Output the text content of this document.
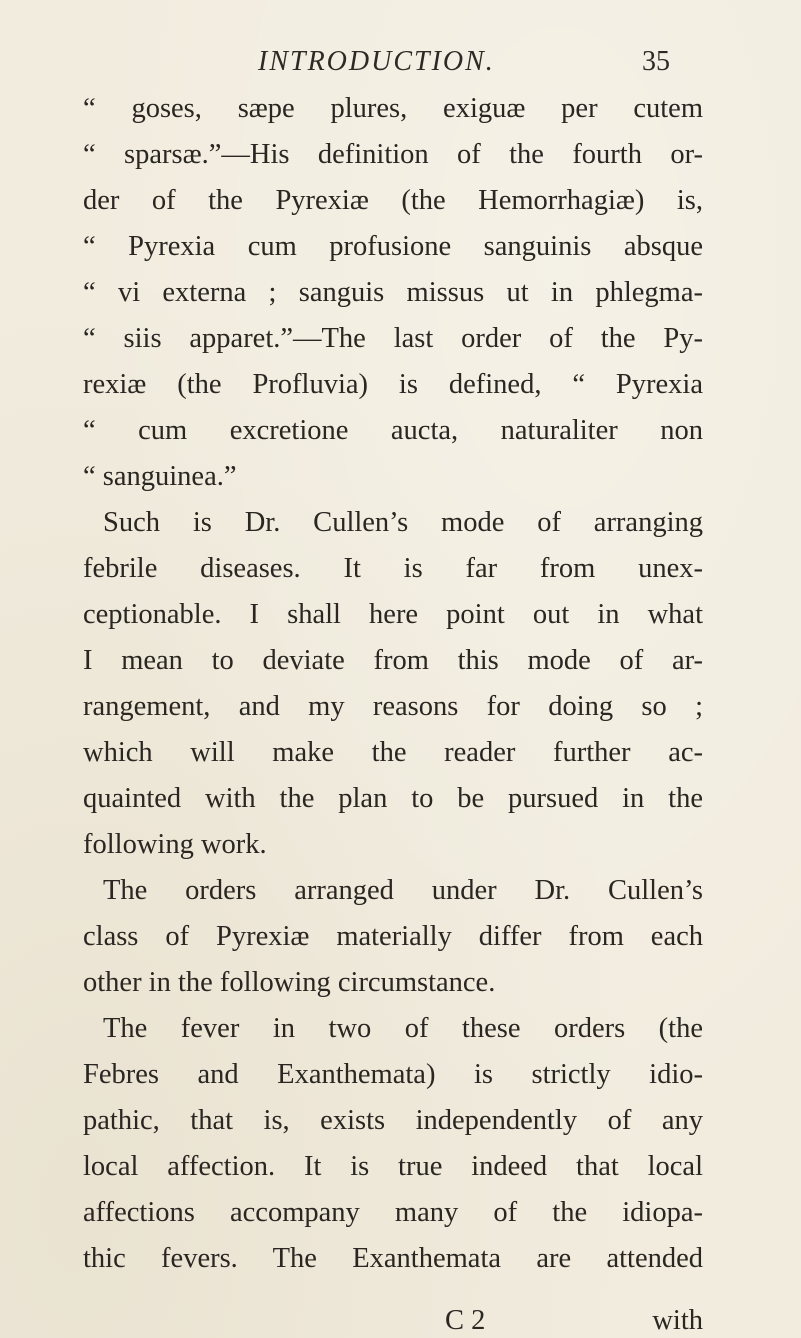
INTRODUCTION.	35
“ goses, sæpe plures, exiguæ per cutem
“ sparsæ.”—His definition of the fourth or-
der of the Pyrexiæ (the Hemorrhagiæ) is,
“ Pyrexia cum profusione sanguinis absque
“ vi externa ; sanguis missus ut in phlegma-
“ siis apparet.”—The last order of the Py-
rexiæ (the Profluvia) is defined, “ Pyrexia
“ cum excretione aucta, naturaliter non
“ sanguinea.”
Such is Dr. Cullen’s mode of arranging
febrile diseases. It is far from unex-
ceptionable. I shall here point out in what
I mean to deviate from this mode of ar-
rangement, and my reasons for doing so ;
which will make the reader further ac-
quainted with the plan to be pursued in the
following work.
The orders arranged under Dr. Cullen’s
class of Pyrexiæ materially differ from each
other in the following circumstance.
The fever in two of these orders (the
Febres and Exanthemata) is strictly idio-
pathic, that is, exists independently of any
local affection. It is true indeed that local
affections accompany many of the idiopa-
thic fevers. The Exanthemata are attended
C 2	with
